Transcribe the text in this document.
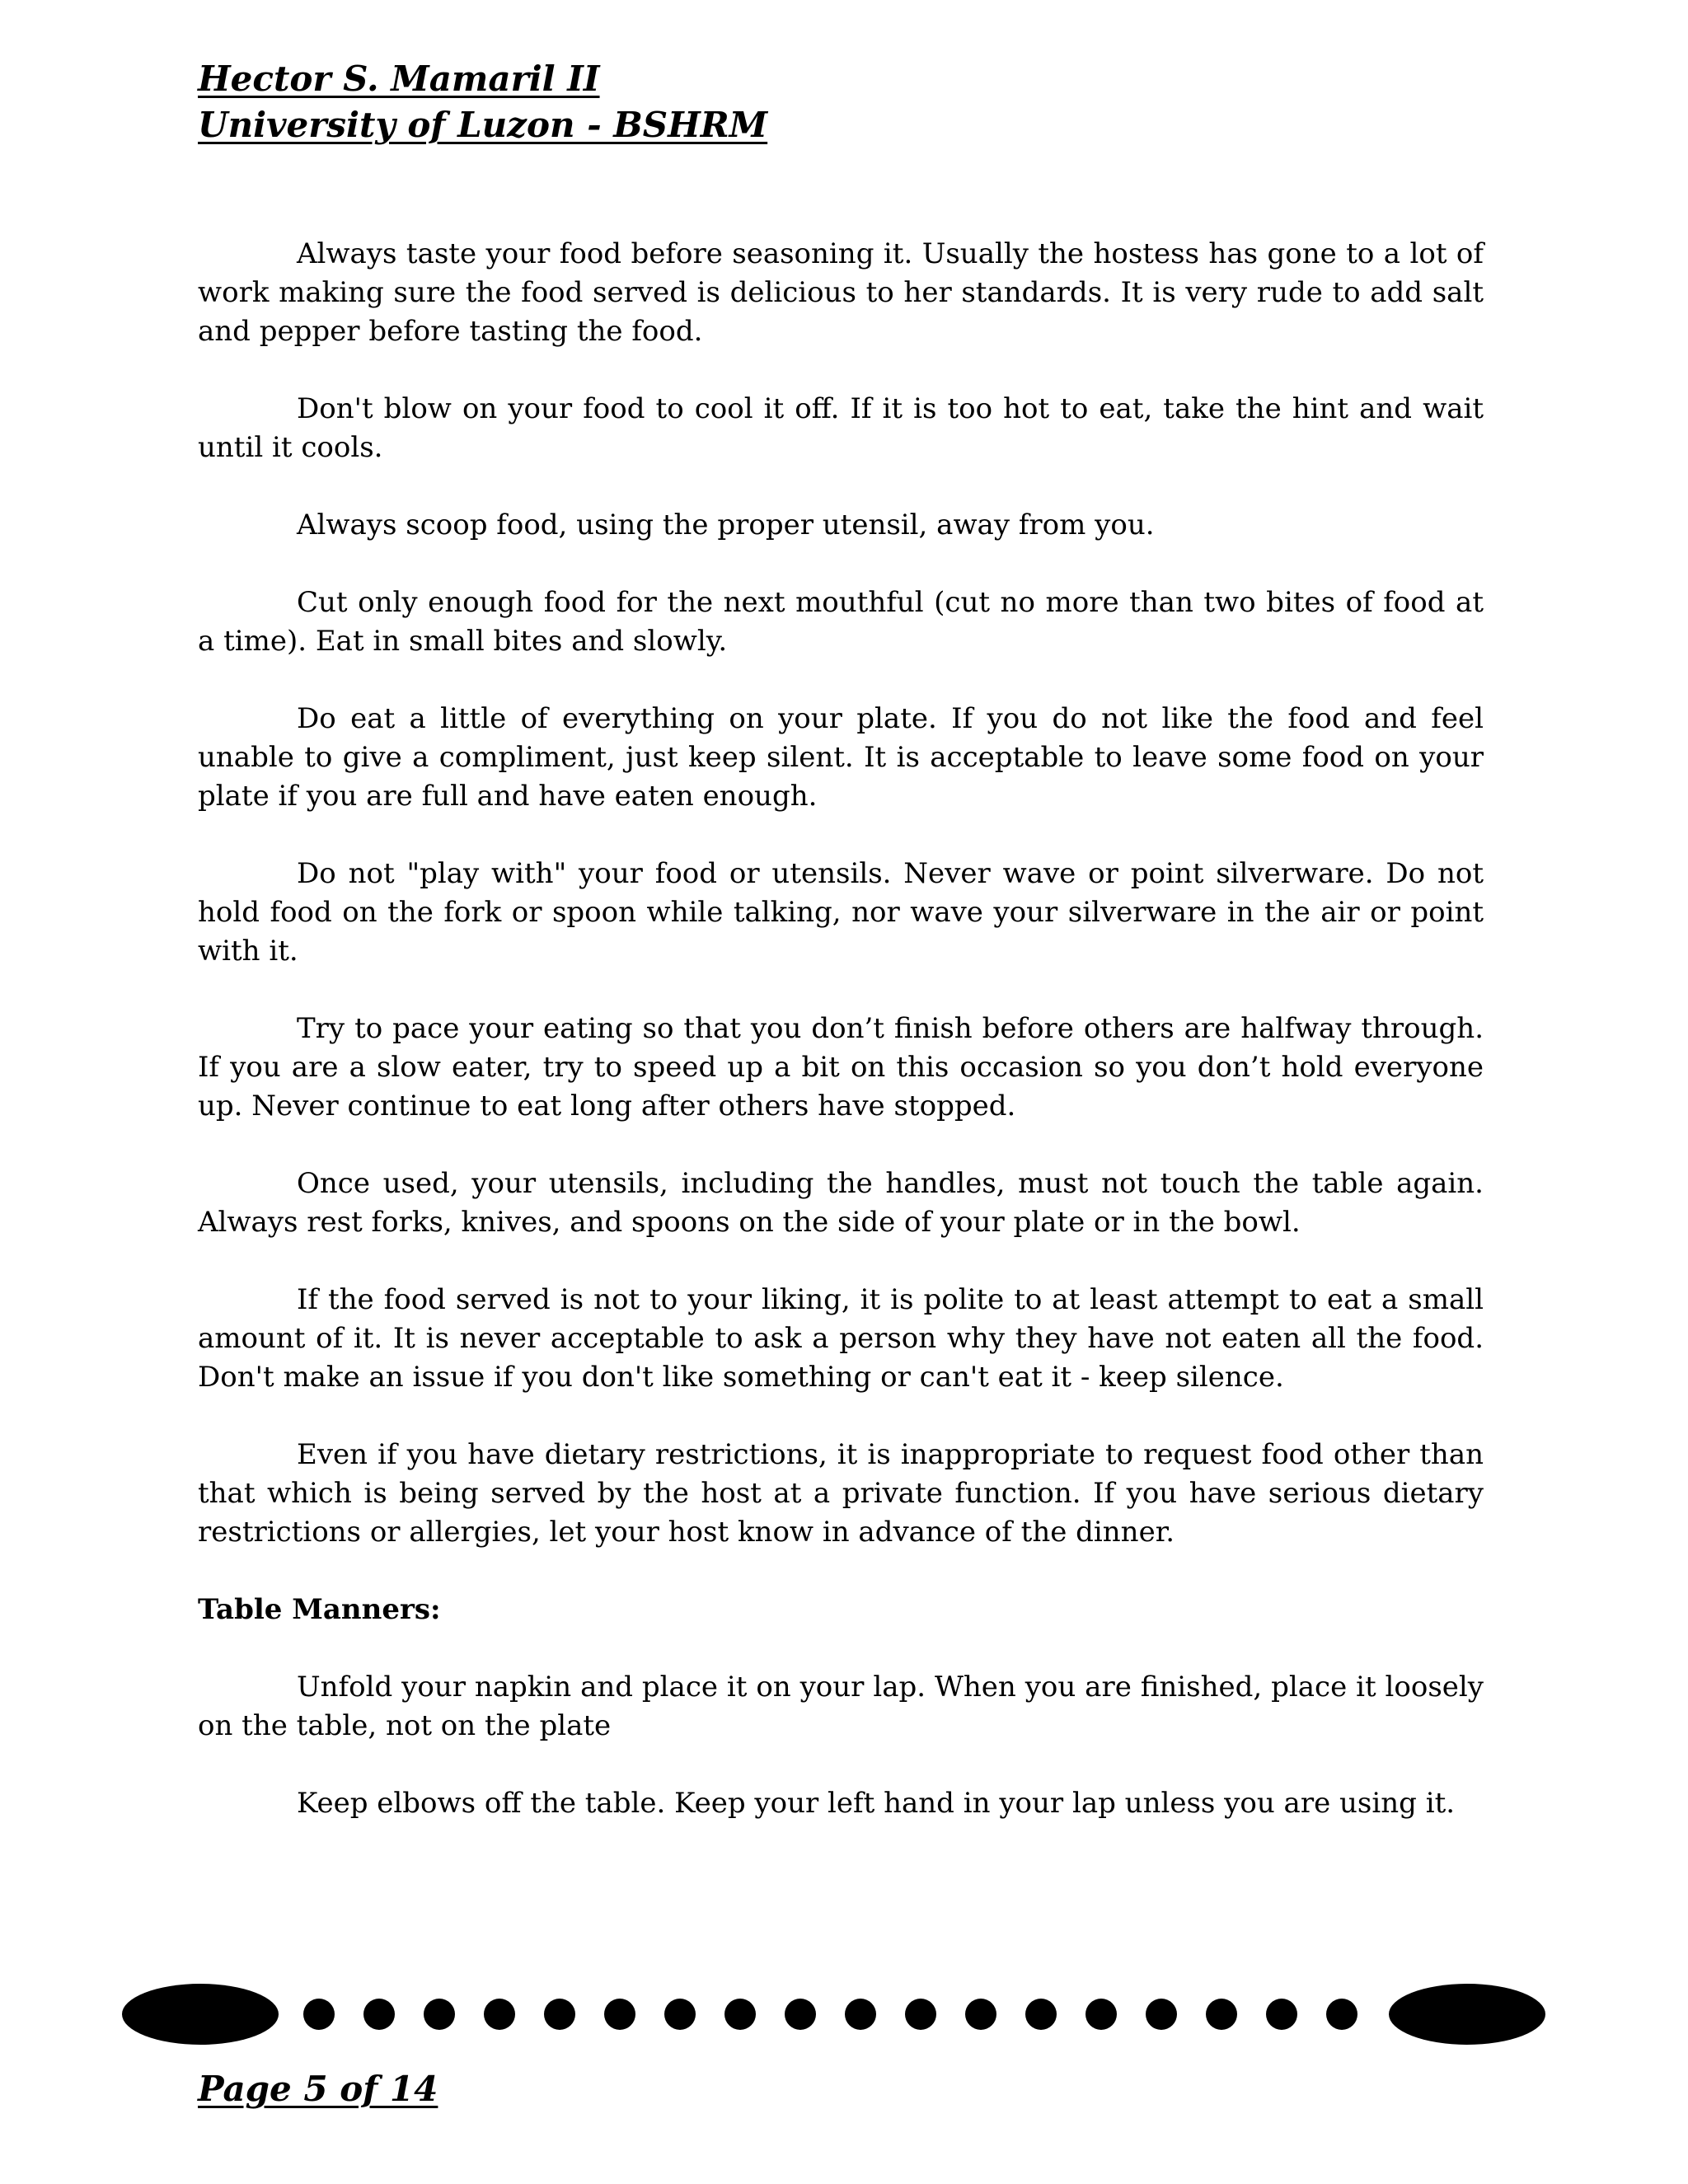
Hector S. Mamaril II
University of Luzon - BSHRM

Always taste your food before seasoning it. Usually the hostess has gone to a lot of work making sure the food served is delicious to her standards. It is very rude to add salt and pepper before tasting the food.

Don't blow on your food to cool it off. If it is too hot to eat, take the hint and wait until it cools.

Always scoop food, using the proper utensil, away from you.

Cut only enough food for the next mouthful (cut no more than two bites of food at a time). Eat in small bites and slowly.

Do eat a little of everything on your plate. If you do not like the food and feel unable to give a compliment, just keep silent. It is acceptable to leave some food on your plate if you are full and have eaten enough.

Do not "play with" your food or utensils. Never wave or point silverware. Do not hold food on the fork or spoon while talking, nor wave your silverware in the air or point with it.

Try to pace your eating so that you don’t finish before others are halfway through. If you are a slow eater, try to speed up a bit on this occasion so you don’t hold everyone up. Never continue to eat long after others have stopped.

Once used, your utensils, including the handles, must not touch the table again. Always rest forks, knives, and spoons on the side of your plate or in the bowl.

If the food served is not to your liking, it is polite to at least attempt to eat a small amount of it. It is never acceptable to ask a person why they have not eaten all the food. Don't make an issue if you don't like something or can't eat it - keep silence.

Even if you have dietary restrictions, it is inappropriate to request food other than that which is being served by the host at a private function. If you have serious dietary restrictions or allergies, let your host know in advance of the dinner.

Table Manners:

Unfold your napkin and place it on your lap. When you are finished, place it loosely on the table, not on the plate

Keep elbows off the table. Keep your left hand in your lap unless you are using it.

Page 5 of 14
